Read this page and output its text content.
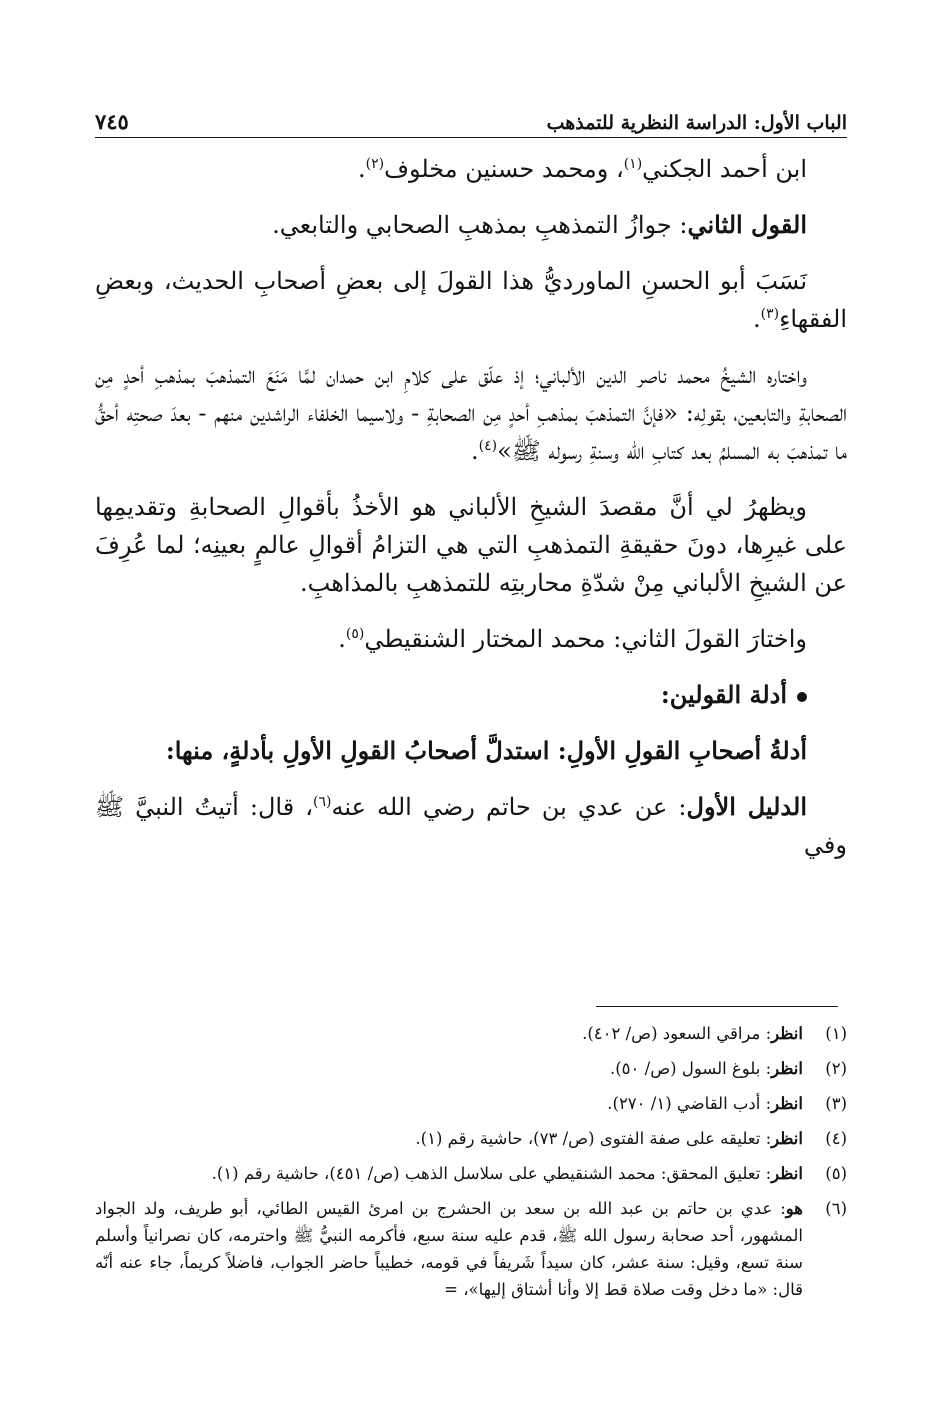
الباب الأول: الدراسة النظرية للتمذهب
٧٤٥

ابن أحمد الجكني$^{(١)}$، ومحمد حسنين مخلوف$^{(٢)}$.

القول الثاني: جوازُ التمذهبِ بمذهبِ الصحابي والتابعي.

نَسَبَ أبو الحسنِ الماورديُّ هذا القولَ إلى بعضِ أصحابِ الحديث، وبعضِ الفقهاءِ$^{(٣)}$.

واختاره الشيخُ محمد ناصر الدين الألباني؛ إذ علّق على كلامِ ابن حمدان لمَّا مَنَعَ التمذهبَ بمذهبِ أحدٍ مِن الصحابةِ والتابعين، بقولِه: «فإنَّ التمذهبَ بمذهبِ أحدٍ مِن الصحابةِ - ولاسيما الخلفاء الراشدين منهم - بعدَ صحتِه أحقُّ ما تمذهبَ به المسلمُ بعد كتابِ الله وسنةِ رسوله ﷺ»$^{(٤)}$.

ويظهرُ لي أنَّ مقصدَ الشيخِ الألباني هو الأخذُ بأقوالِ الصحابةِ وتقديمِها على غيرِها، دونَ حقيقةِ التمذهبِ التي هي التزامُ أقوالِ عالمٍ بعينِه؛ لما عُرِفَ عن الشيخِ الألباني مِنْ شدّةِ محاربتِه للتمذهبِ بالمذاهبِ.

واختارَ القولَ الثاني: محمد المختار الشنقيطي$^{(٥)}$.

أدلة القولين:

أدلةُ أصحابِ القولِ الأولِ: استدلَّ أصحابُ القولِ الأولِ بأدلةٍ، منها:

الدليل الأول: عن عدي بن حاتم رضي الله عنه$^{(٦)}$، قال: أتيتُ النبيَّ ﷺ وفي

(١)
انظر: مراقي السعود (ص/ ٤٠٢).
(٢)
انظر: بلوغ السول (ص/ ٥٠).
(٣)
انظر: أدب القاضي (١/ ٢٧٠).
(٤)
انظر: تعليقه على صفة الفتوى (ص/ ٧٣)، حاشية رقم (١).
(٥)
انظر: تعليق المحقق: محمد الشنقيطي على سلاسل الذهب (ص/ ٤٥١)، حاشية رقم (١).
(٦)
هو: عدي بن حاتم بن عبد الله بن سعد بن الحشرج بن امرئ القيس الطائي، أبو طريف، ولد الجواد المشهور، أحد صحابة رسول الله ﷺ، قدم عليه سنة سبع، فأكرمه النبيُّ ﷺ واحترمه، كان نصرانياً وأسلم سنة تسع، وقيل: سنة عشر، كان سيداً شَريفاً في قومه، خطيباً حاضر الجواب، فاضلاً كريماً، جاء عنه أنّه قال: «ما دخل وقت صلاة قط إلا وأنا أشتاق إليها»، =
